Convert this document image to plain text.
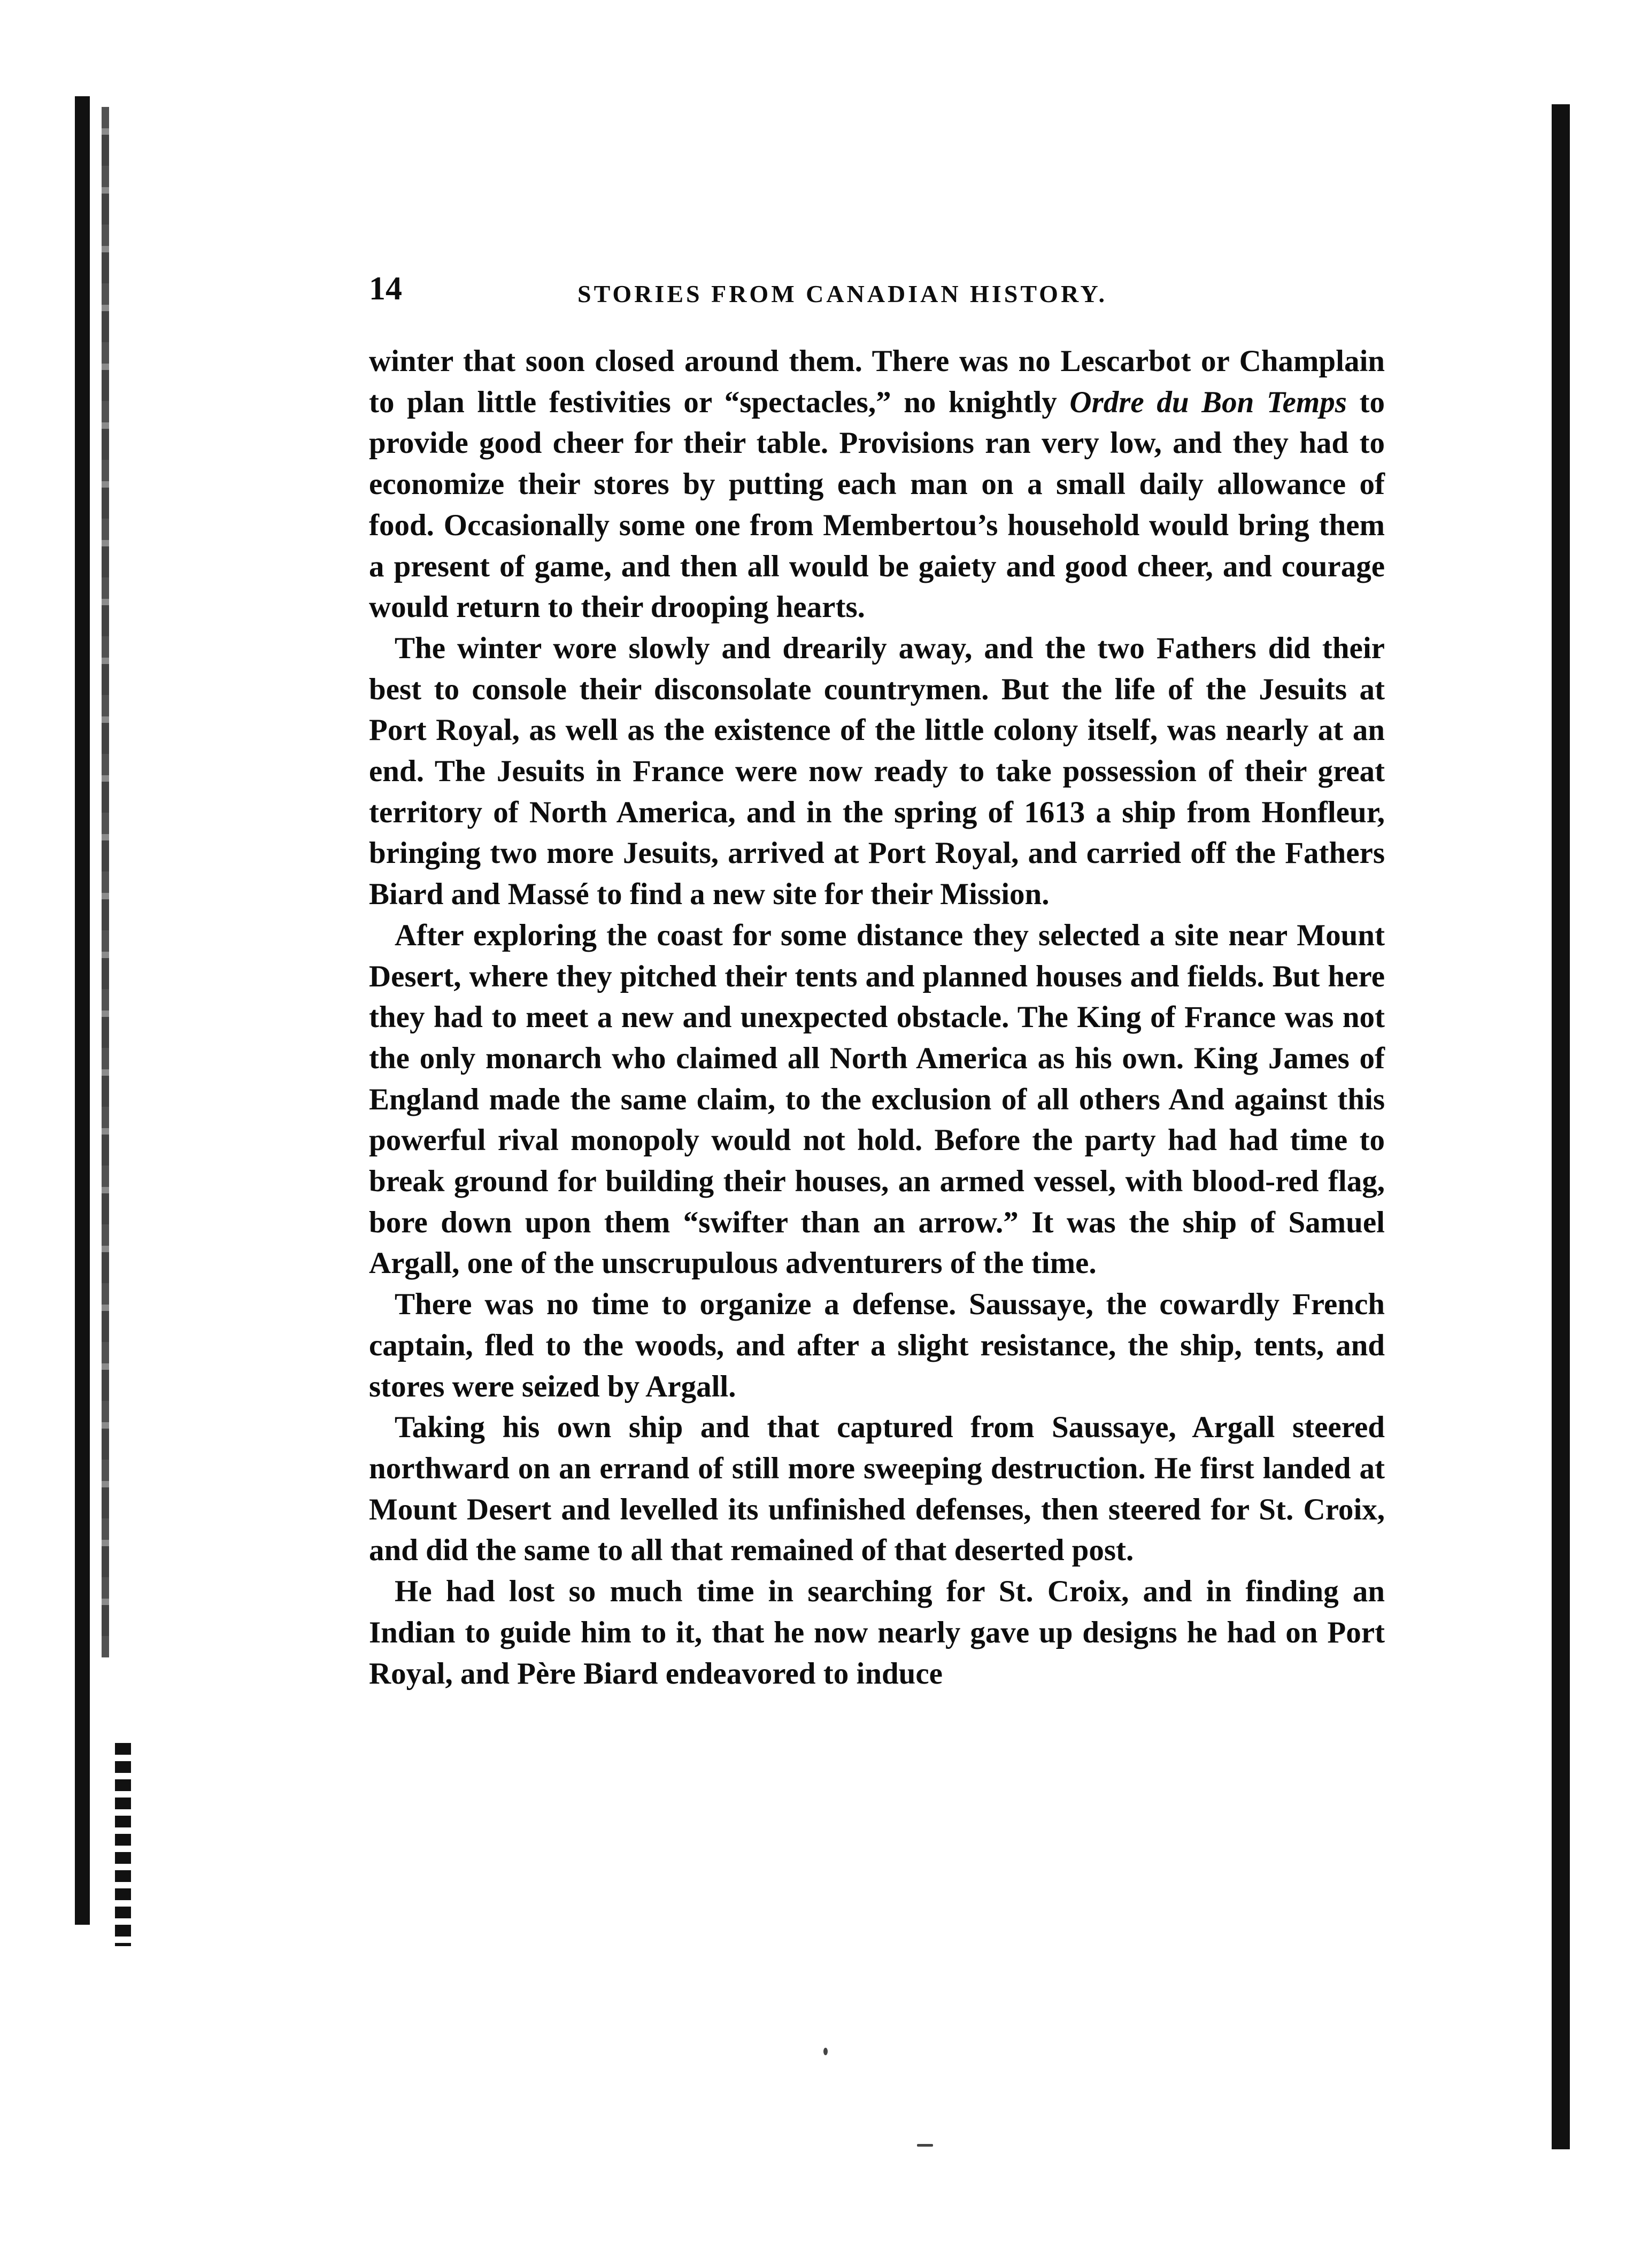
14	STORIES FROM CANADIAN HISTORY.

winter that soon closed around them. There was no Lescarbot or Champlain to plan little festivities or “spectacles,” no knightly Ordre du Bon Temps to provide good cheer for their table. Provisions ran very low, and they had to economize their stores by putting each man on a small daily allowance of food. Occasionally some one from Membertou’s household would bring them a present of game, and then all would be gaiety and good cheer, and courage would return to their drooping hearts.

The winter wore slowly and drearily away, and the two Fathers did their best to console their disconsolate countrymen. But the life of the Jesuits at Port Royal, as well as the existence of the little colony itself, was nearly at an end. The Jesuits in France were now ready to take possession of their great territory of North America, and in the spring of 1613 a ship from Honfleur, bringing two more Jesuits, arrived at Port Royal, and carried off the Fathers Biard and Massé to find a new site for their Mission.

After exploring the coast for some distance they selected a site near Mount Desert, where they pitched their tents and planned houses and fields. But here they had to meet a new and unexpected obstacle. The King of France was not the only monarch who claimed all North America as his own. King James of England made the same claim, to the exclusion of all others And against this powerful rival monopoly would not hold. Before the party had had time to break ground for building their houses, an armed vessel, with blood-red flag, bore down upon them “swifter than an arrow.” It was the ship of Samuel Argall, one of the unscrupulous adventurers of the time.

There was no time to organize a defense. Saussaye, the cowardly French captain, fled to the woods, and after a slight resistance, the ship, tents, and stores were seized by Argall.

Taking his own ship and that captured from Saussaye, Argall steered northward on an errand of still more sweeping destruction. He first landed at Mount Desert and levelled its unfinished defenses, then steered for St. Croix, and did the same to all that remained of that deserted post.

He had lost so much time in searching for St. Croix, and in finding an Indian to guide him to it, that he now nearly gave up designs he had on Port Royal, and Père Biard endeavored to induce
